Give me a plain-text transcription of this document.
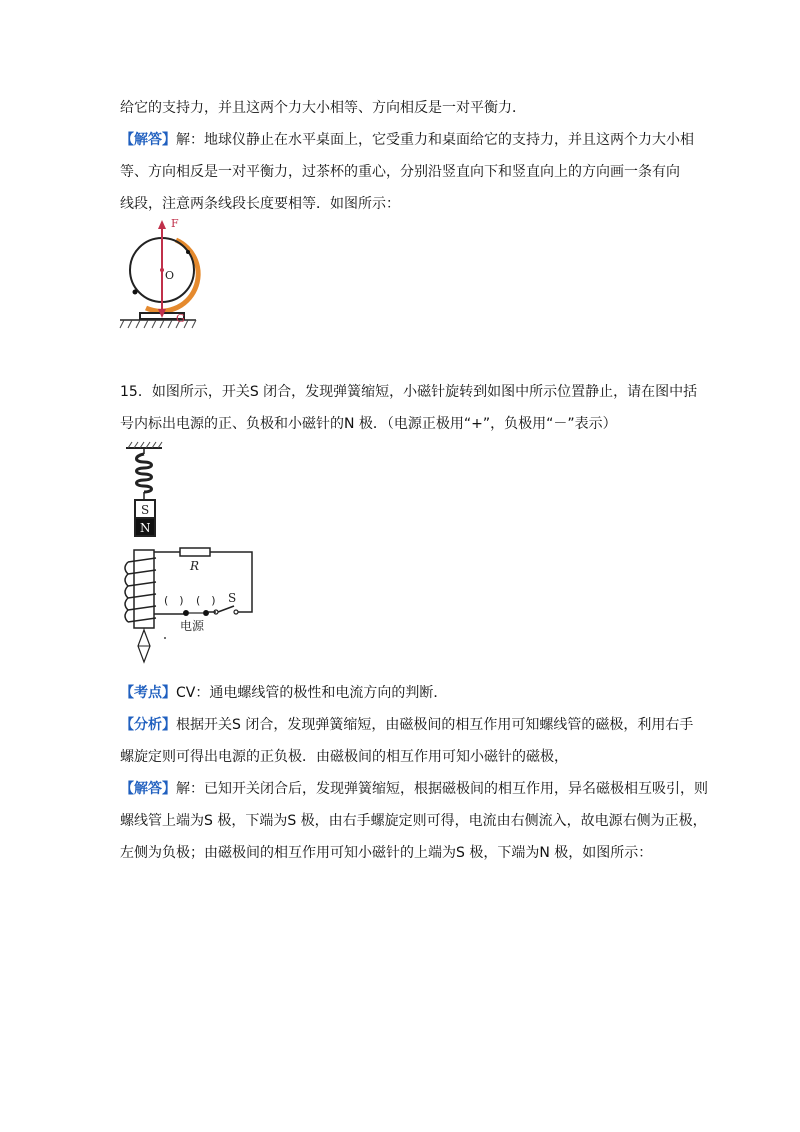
给它的支持力，并且这两个力大小相等、方向相反是一对平衡力．
【解答】解：地球仪静止在水平桌面上，它受重力和桌面给它的支持力，并且这两个力大小相
等、方向相反是一对平衡力，过茶杯的重心，分别沿竖直向下和竖直向上的方向画一条有向
线段，注意两条线段长度要相等．如图所示：
F
O
G
15．如图所示，开关S 闭合，发现弹簧缩短，小磁针旋转到如图中所示位置静止，请在图中括
号内标出电源的正、负极和小磁针的N 极．（电源正极用“+”，负极用“－”表示）
S
N
R
S
(　) (　)
电源
【考点】CV：通电螺线管的极性和电流方向的判断．
【分析】根据开关S 闭合，发现弹簧缩短，由磁极间的相互作用可知螺线管的磁极，利用右手
螺旋定则可得出电源的正负极．由磁极间的相互作用可知小磁针的磁极，
【解答】解：已知开关闭合后，发现弹簧缩短，根据磁极间的相互作用，异名磁极相互吸引，则
螺线管上端为S 极，下端为S 极，由右手螺旋定则可得，电流由右侧流入，故电源右侧为正极，
左侧为负极；由磁极间的相互作用可知小磁针的上端为S 极，下端为N 极，如图所示：
